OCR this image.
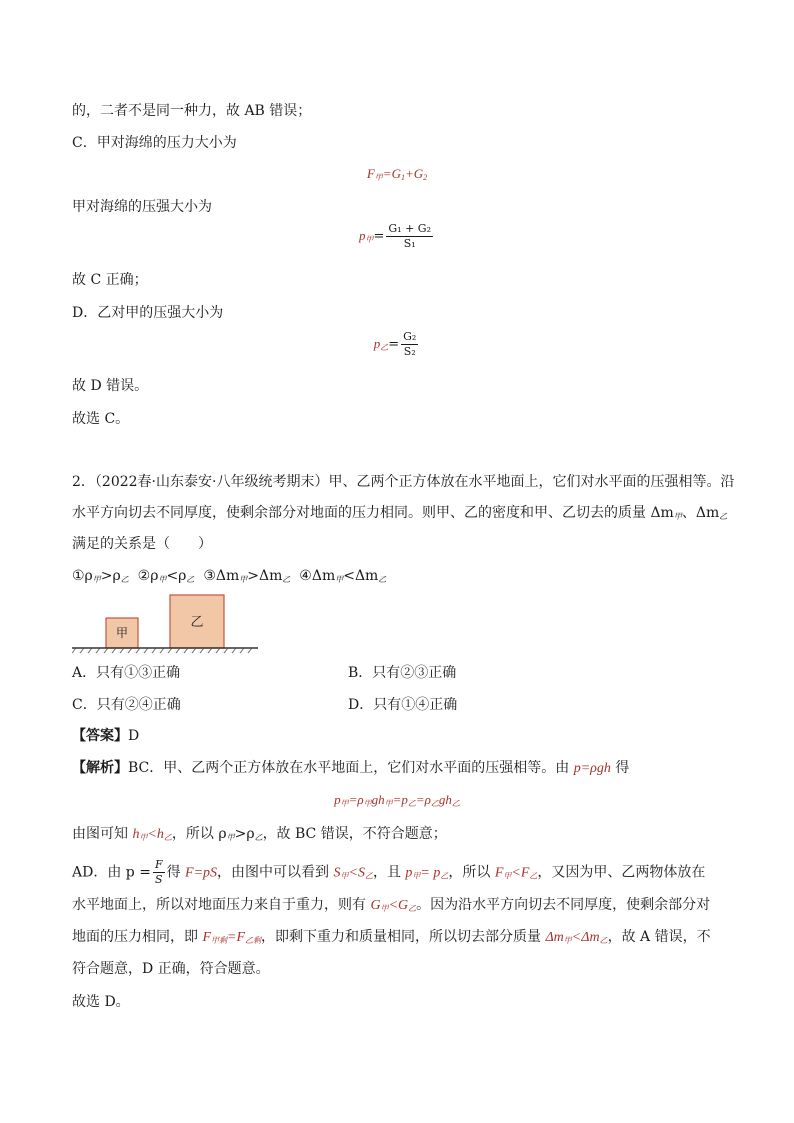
的，二者不是同一种力，故 AB 错误；
C．甲对海绵的压力大小为
$F_甲=G_1+G_2$
甲对海绵的压强大小为
$p_甲= \frac{\text{G₁ + G₂}}{\text{S₁}}$
故 C 正确；
D．乙对甲的压强大小为
$p_乙= \frac{\text{G₂}}{\text{S₂}}$
故 D 错误。
故选 C。
2．（2022春·山东泰安·八年级统考期末）甲、乙两个正方体放在水平地面上，它们对水平面的压强相等。沿
水平方向切去不同厚度，使剩余部分对地面的压力相同。则甲、乙的密度和甲、乙切去的质量 $\Delta m_甲$、$\Delta m_乙$
满足的关系是（　　）
$①\rho_甲>\rho_乙$ $②\rho_甲<\rho_乙$ $③\Delta m_甲>\Delta m_乙$ $④\Delta m_甲<\Delta m_乙$
甲
乙
A．只有①③正确	B．只有②③正确
C．只有②④正确	D．只有①④正确
【答案】D
【解析】BC．甲、乙两个正方体放在水平地面上，它们对水平面的压强相等。由 p=ρgh 得
$p_甲=\rho_甲gh_甲=p_乙=\rho_乙gh_乙$
由图可知 $h_甲<h_乙$，所以 $\rho_甲>\rho_乙$，故 BC 错误，不符合题意；
AD．由 $p = \frac{F}{S}$ 得 F=pS，由图中可以看到 $S_甲<S_乙$，且 $p_甲= p_乙$，所以 $F_甲<F_乙$，又因为甲、乙两物体放在
水平地面上，所以对地面压力来自于重力，则有 $G_甲<G_乙$。因为沿水平方向切去不同厚度，使剩余部分对
地面的压力相同，即 $F_{甲剩}=F_{乙剩}$，即剩下重力和质量相同，所以切去部分质量 $\Delta m_甲<\Delta m_乙$，故 A 错误，不
符合题意，D 正确，符合题意。
故选 D。
